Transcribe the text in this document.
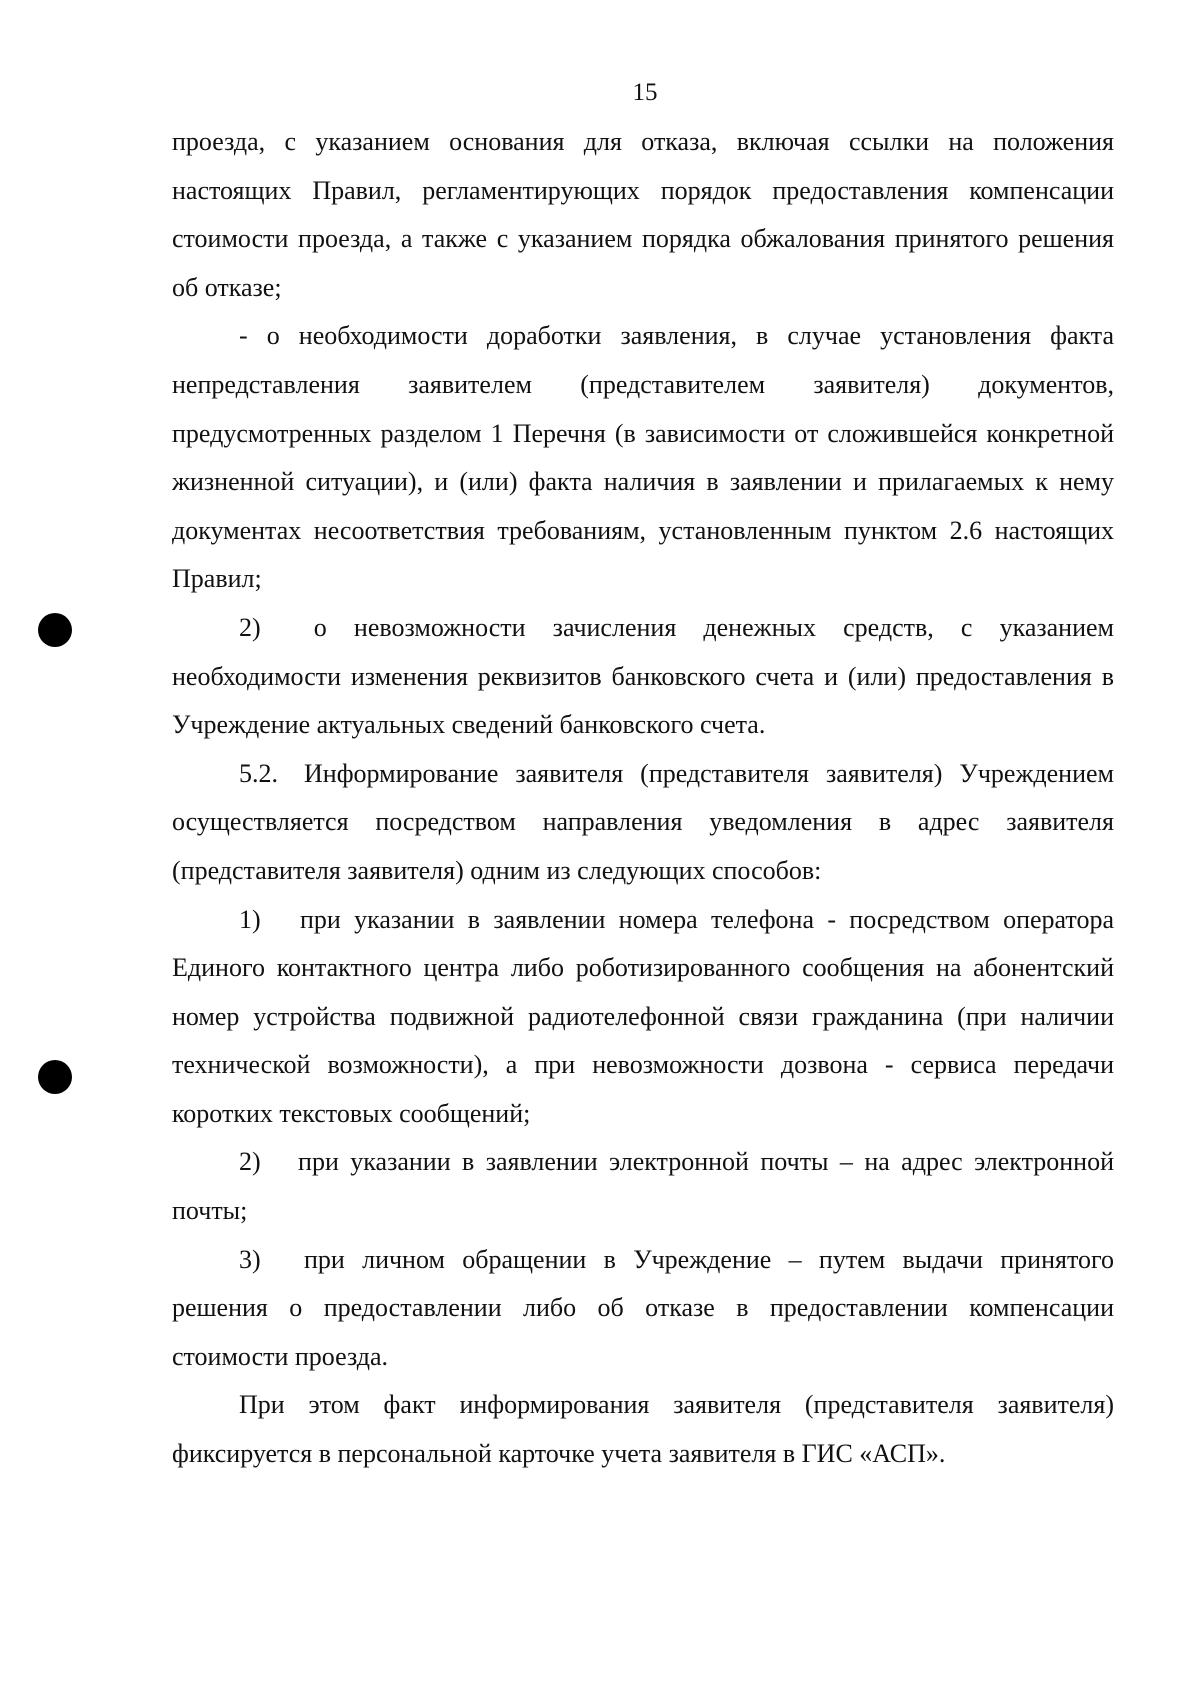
15

проезда, с указанием основания для отказа, включая ссылки на положения настоящих Правил, регламентирующих порядок предоставления компенсации стоимости проезда, а также с указанием порядка обжалования принятого решения об отказе;

- о необходимости доработки заявления, в случае установления факта непредставления заявителем (представителем заявителя) документов, предусмотренных разделом 1 Перечня (в зависимости от сложившейся конкретной жизненной ситуации), и (или) факта наличия в заявлении и прилагаемых к нему документах несоответствия требованиям, установленным пунктом 2.6 настоящих Правил;

2)  о невозможности зачисления денежных средств, с указанием необходимости изменения реквизитов банковского счета и (или) предоставления в Учреждение актуальных сведений банковского счета.

5.2. Информирование заявителя (представителя заявителя) Учреждением осуществляется посредством направления уведомления в адрес заявителя (представителя заявителя) одним из следующих способов:

1)  при указании в заявлении номера телефона - посредством оператора Единого контактного центра либо роботизированного сообщения на абонентский номер устройства подвижной радиотелефонной связи гражданина (при наличии технической возможности), а при невозможности дозвона - сервиса передачи коротких текстовых сообщений;

2)  при указании в заявлении электронной почты – на адрес электронной почты;

3)  при личном обращении в Учреждение – путем выдачи принятого решения о предоставлении либо об отказе в предоставлении компенсации стоимости проезда.

При этом факт информирования заявителя (представителя заявителя) фиксируется в персональной карточке учета заявителя в ГИС «АСП».
